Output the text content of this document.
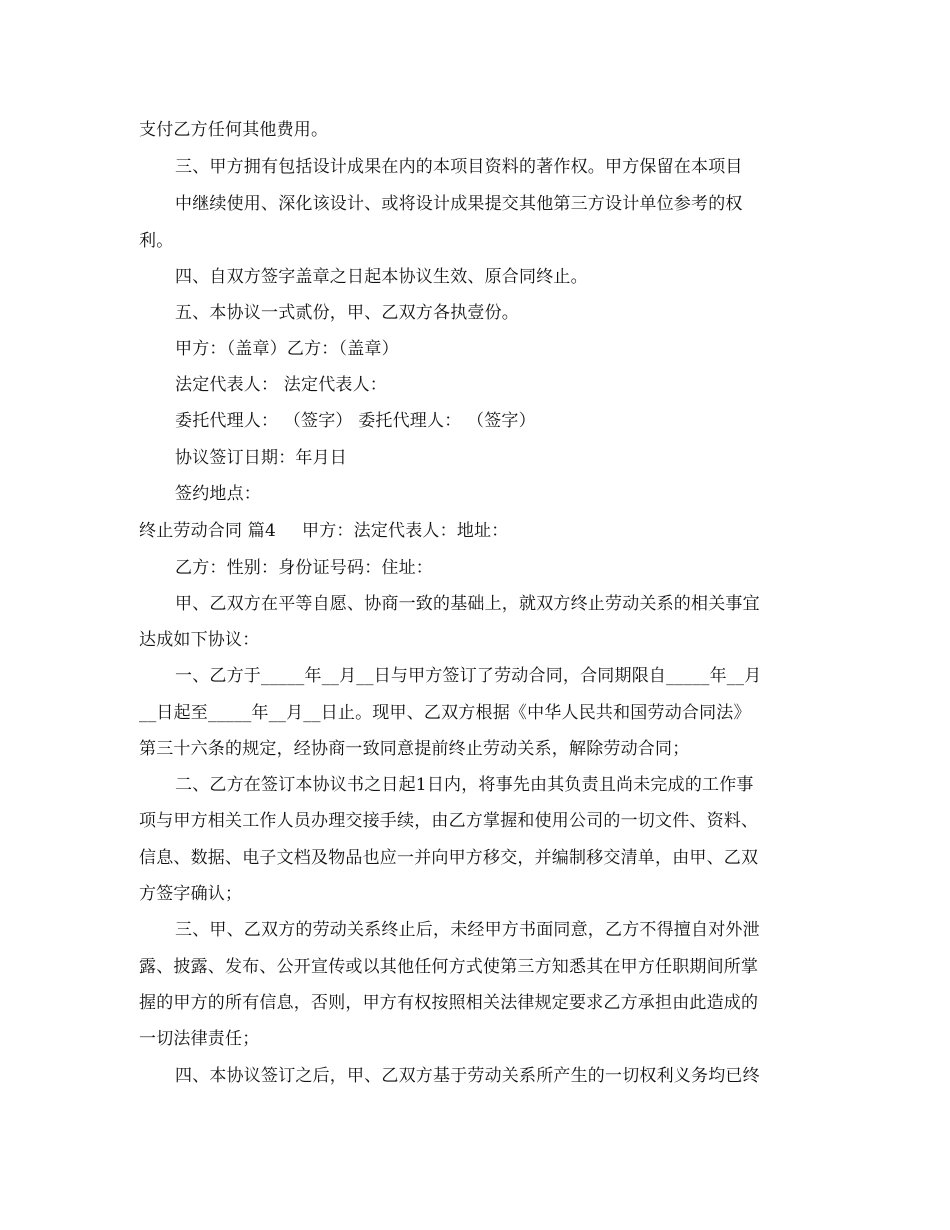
支付乙方任何其他费用。
三、甲方拥有包括设计成果在内的本项目资料的著作权。甲方保留在本项目
中继续使用、深化该设计、或将设计成果提交其他第三方设计单位参考的权
利。
四、自双方签字盖章之日起本协议生效、原合同终止。
五、本协议一式贰份，甲、乙双方各执壹份。
甲方：（盖章）乙方：（盖章）
法定代表人： 法定代表人：
委托代理人： （签字） 委托代理人： （签字）
协议签订日期：年月日
签约地点：
终止劳动合同 篇4 甲方：法定代表人：地址：
乙方：性别：身份证号码：住址：
甲、乙双方在平等自愿、协商一致的基础上，就双方终止劳动关系的相关事宜
达成如下协议：
一、乙方于_____年__月__日与甲方签订了劳动合同，合同期限自_____年__月
__日起至_____年__月__日止。现甲、乙双方根据《中华人民共和国劳动合同法》
第三十六条的规定，经协商一致同意提前终止劳动关系，解除劳动合同；
二、乙方在签订本协议书之日起1日内，将事先由其负责且尚未完成的工作事
项与甲方相关工作人员办理交接手续，由乙方掌握和使用公司的一切文件、资料、
信息、数据、电子文档及物品也应一并向甲方移交，并编制移交清单，由甲、乙双
方签字确认；
三、甲、乙双方的劳动关系终止后，未经甲方书面同意，乙方不得擅自对外泄
露、披露、发布、公开宣传或以其他任何方式使第三方知悉其在甲方任职期间所掌
握的甲方的所有信息，否则，甲方有权按照相关法律规定要求乙方承担由此造成的
一切法律责任；
四、本协议签订之后，甲、乙双方基于劳动关系所产生的一切权利义务均已终
